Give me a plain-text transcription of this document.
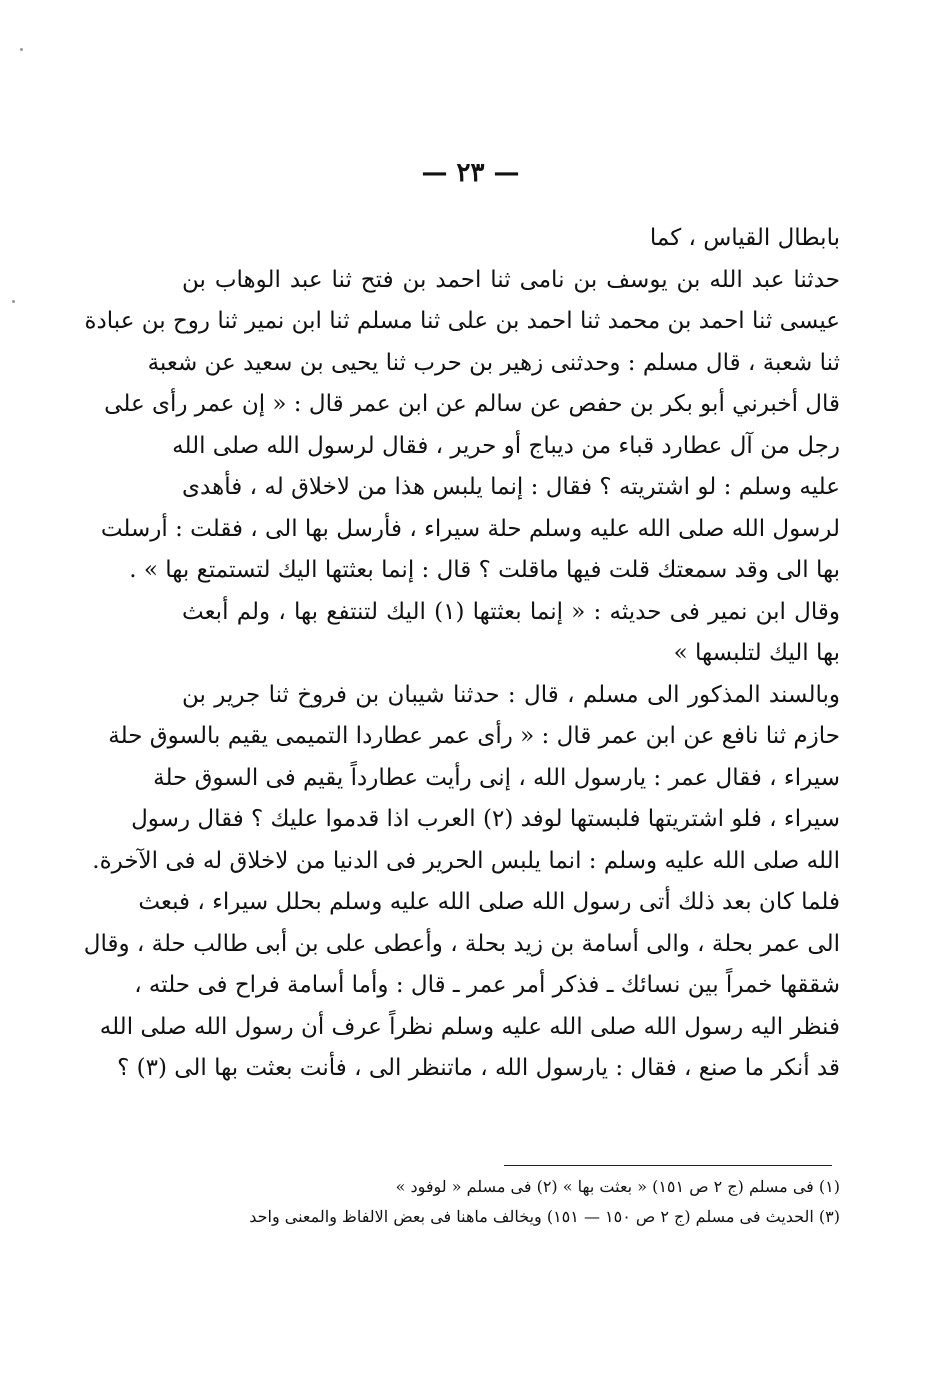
— ٢٣ —
بابطال القياس ، كما
حدثنا عبد الله بن يوسف بن نامى ثنا احمد بن فتح ثنا عبد الوهاب بن
عيسى ثنا احمد بن محمد ثنا احمد بن على ثنا مسلم ثنا ابن نمير ثنا روح بن عبادة
ثنا شعبة ، قال مسلم : وحدثنى زهير بن حرب ثنا يحيى بن سعيد عن شعبة
قال أخبرني أبو بكر بن حفص عن سالم عن ابن عمر قال : « إن عمر رأى على
رجل من آل عطارد قباء من ديباج أو حرير ، فقال لرسول الله صلى الله
عليه وسلم : لو اشتريته ؟ فقال : إنما يلبس هذا من لاخلاق له ، فأهدى
لرسول الله صلى الله عليه وسلم حلة سيراء ، فأرسل بها الى ، فقلت : أرسلت
بها الى وقد سمعتك قلت فيها ماقلت ؟ قال : إنما بعثتها اليك لتستمتع بها » .
وقال ابن نمير فى حديثه : « إنما بعثتها (١) اليك لتنتفع بها ، ولم أبعث
بها اليك لتلبسها »
وبالسند المذكور الى مسلم ، قال : حدثنا شيبان بن فروخ ثنا جرير بن
حازم ثنا نافع عن ابن عمر قال : « رأى عمر عطاردا التميمى يقيم بالسوق حلة
سيراء ، فقال عمر : يارسول الله ، إنى رأيت عطارداً يقيم فى السوق حلة
سيراء ، فلو اشتريتها فلبستها لوفد (٢) العرب اذا قدموا عليك ؟ فقال رسول
الله صلى الله عليه وسلم : انما يلبس الحرير فى الدنيا من لاخلاق له فى الآخرة.
فلما كان بعد ذلك أتى رسول الله صلى الله عليه وسلم بحلل سيراء ، فبعث
الى عمر بحلة ، والى أسامة بن زيد بحلة ، وأعطى على بن أبى طالب حلة ، وقال
شققها خمراً بين نسائك ـ فذكر أمر عمر ـ قال : وأما أسامة فراح فى حلته ،
فنظر اليه رسول الله صلى الله عليه وسلم نظراً عرف أن رسول الله صلى الله
قد أنكر ما صنع ، فقال : يارسول الله ، ماتنظر الى ، فأنت بعثت بها الى (٣) ؟
(١) فى مسلم (ج ٢ ص ١٥١) « بعثت بها » (٢) فى مسلم « لوفود »
(٣) الحديث فى مسلم (ج ٢ ص ١٥٠ — ١٥١) ويخالف ماهنا فى بعض الالفاظ والمعنى واحد
